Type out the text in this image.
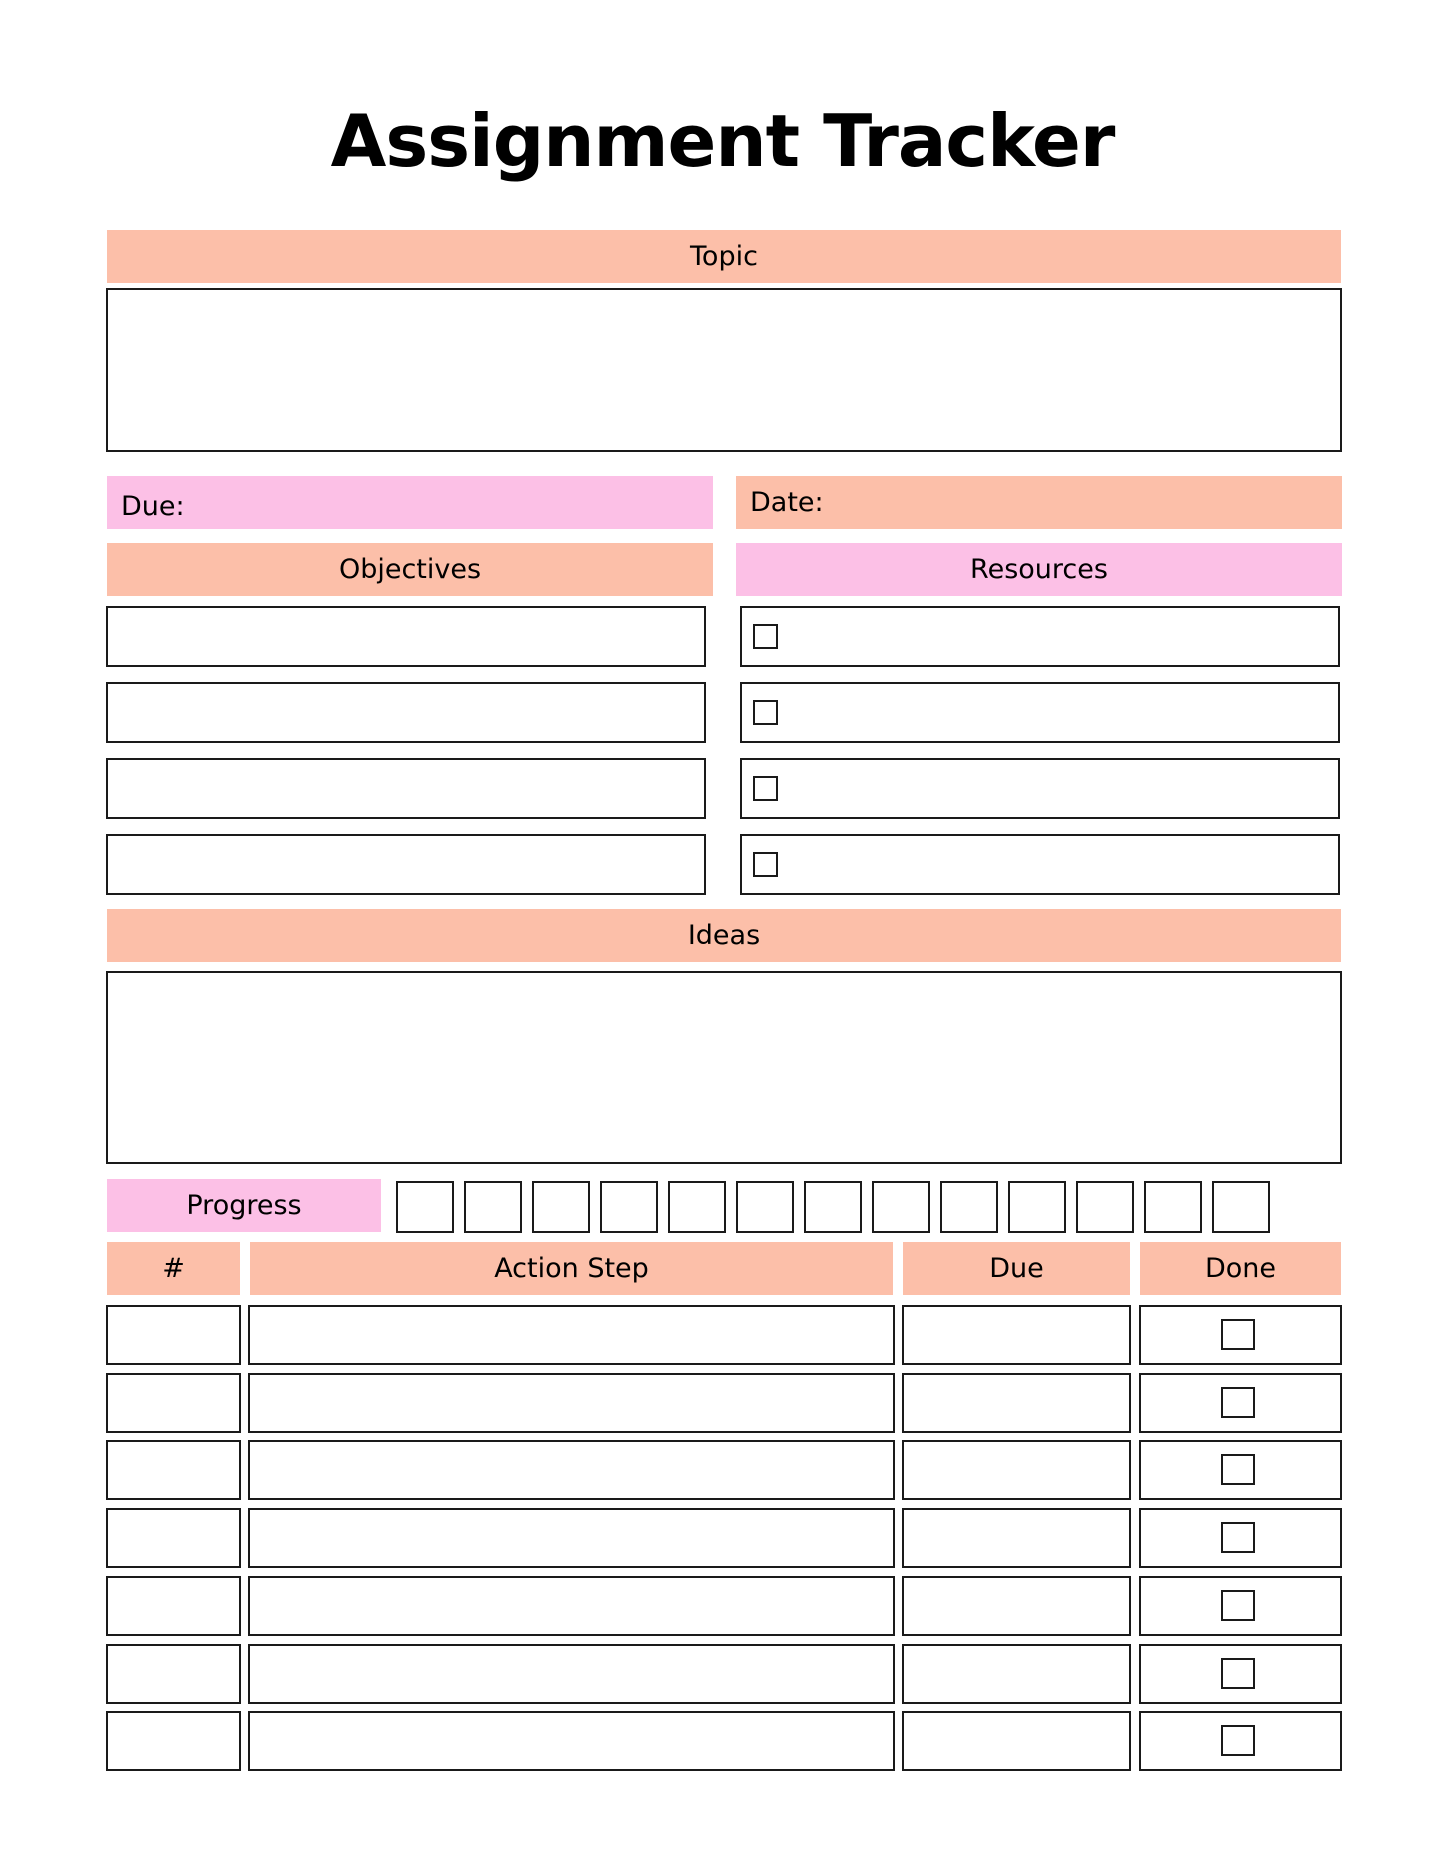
Assignment Tracker
Topic
Due:	Date:
Objectives	Resources
Ideas
Progress
#	Action Step	Due	Done
